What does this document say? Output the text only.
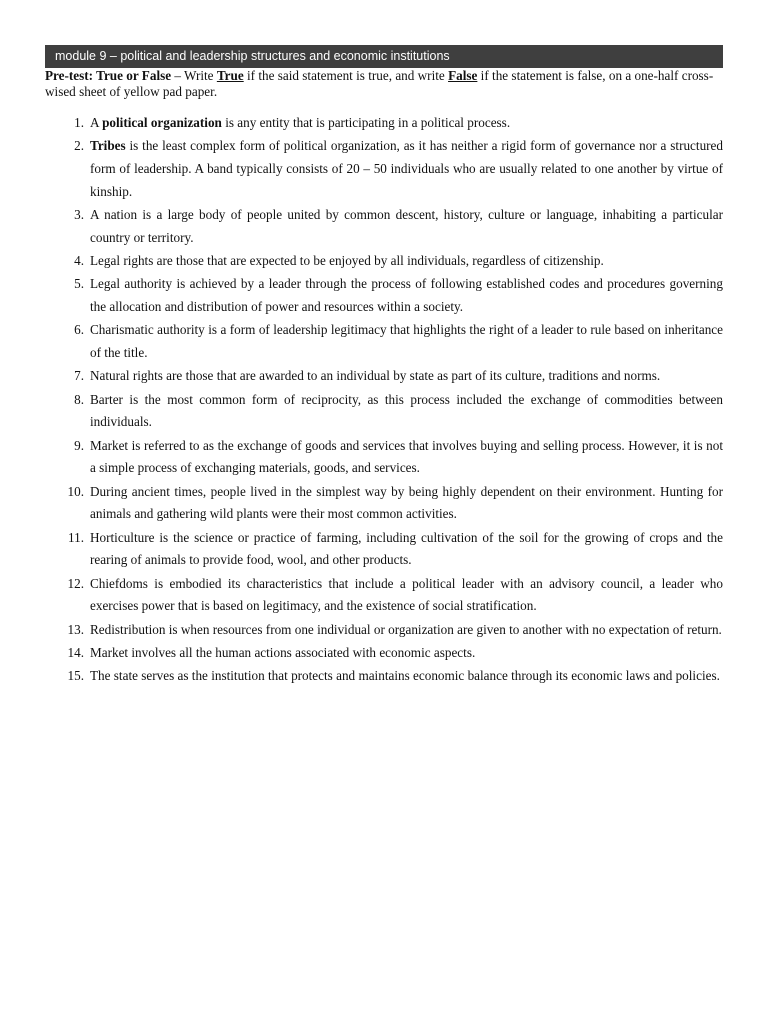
module 9 – political and leadership structures and economic institutions
Pre-test: True or False – Write True if the said statement is true, and write False if the statement is false, on a one-half cross-wised sheet of yellow pad paper.
1. A political organization is any entity that is participating in a political process.
2. Tribes is the least complex form of political organization, as it has neither a rigid form of governance nor a structured form of leadership. A band typically consists of 20 – 50 individuals who are usually related to one another by virtue of kinship.
3. A nation is a large body of people united by common descent, history, culture or language, inhabiting a particular country or territory.
4. Legal rights are those that are expected to be enjoyed by all individuals, regardless of citizenship.
5. Legal authority is achieved by a leader through the process of following established codes and procedures governing the allocation and distribution of power and resources within a society.
6. Charismatic authority is a form of leadership legitimacy that highlights the right of a leader to rule based on inheritance of the title.
7. Natural rights are those that are awarded to an individual by state as part of its culture, traditions and norms.
8. Barter is the most common form of reciprocity, as this process included the exchange of commodities between individuals.
9. Market is referred to as the exchange of goods and services that involves buying and selling process. However, it is not a simple process of exchanging materials, goods, and services.
10. During ancient times, people lived in the simplest way by being highly dependent on their environment. Hunting for animals and gathering wild plants were their most common activities.
11. Horticulture is the science or practice of farming, including cultivation of the soil for the growing of crops and the rearing of animals to provide food, wool, and other products.
12. Chiefdoms is embodied its characteristics that include a political leader with an advisory council, a leader who exercises power that is based on legitimacy, and the existence of social stratification.
13. Redistribution is when resources from one individual or organization are given to another with no expectation of return.
14. Market involves all the human actions associated with economic aspects.
15. The state serves as the institution that protects and maintains economic balance through its economic laws and policies.
